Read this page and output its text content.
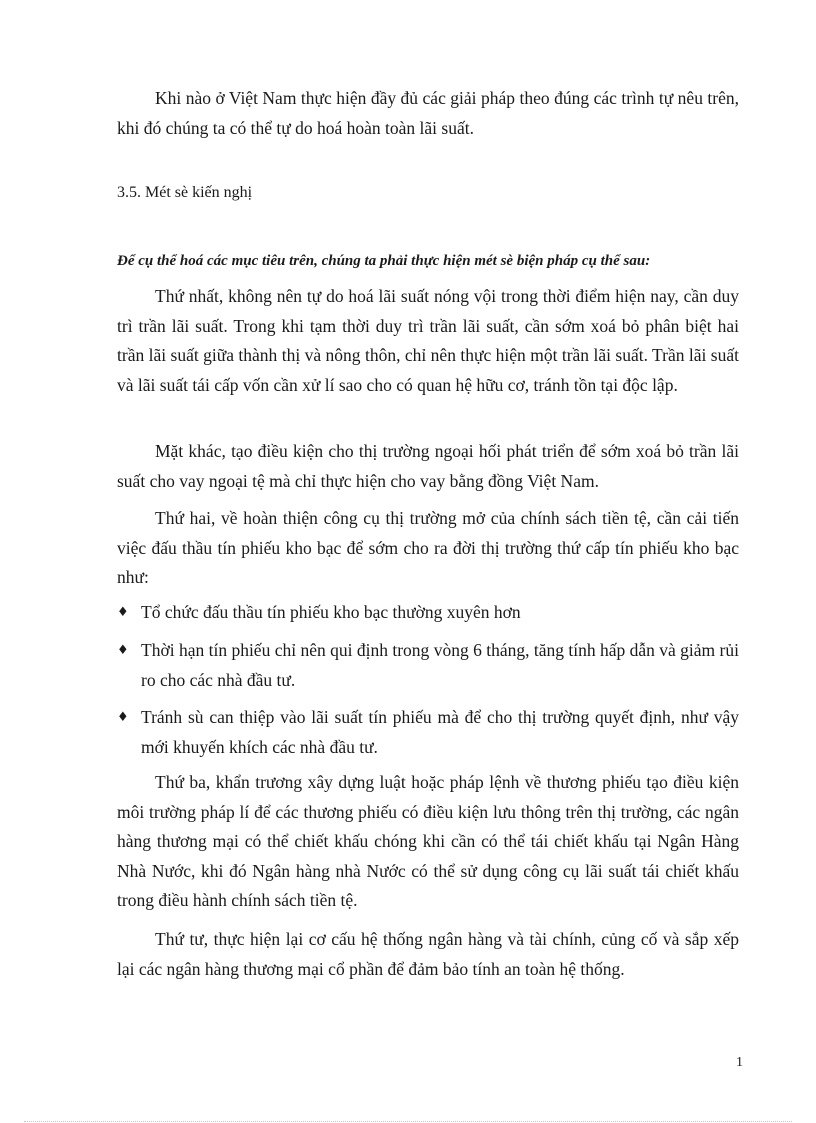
Khi nào ở Việt Nam thực hiện đầy đủ các giải pháp theo đúng các trình tự nêu trên, khi đó chúng ta có thể tự do hoá hoàn toàn lãi suất.

3.5. Mét sè kiến nghị

Để cụ thể hoá các mục tiêu trên, chúng ta phải thực hiện mét sè biện pháp cụ thể sau:

Thứ nhất, không nên tự do hoá lãi suất nóng vội trong thời điểm hiện nay, cần duy trì trần lãi suất. Trong khi tạm thời duy trì trần lãi suất, cần sớm xoá bỏ phân biệt hai trần lãi suất giữa thành thị và nông thôn, chỉ nên thực hiện một trần lãi suất. Trần lãi suất và lãi suất tái cấp vốn cần xử lí sao cho có quan hệ hữu cơ, tránh tồn tại độc lập.

Mặt khác, tạo điều kiện cho thị trường ngoại hối phát triển để sớm xoá bỏ trần lãi suất cho vay ngoại tệ mà chỉ thực hiện cho vay bằng đồng Việt Nam.

Thứ hai, về hoàn thiện công cụ thị trường mở của chính sách tiền tệ, cần cải tiến việc đấu thầu tín phiếu kho bạc để sớm cho ra đời thị trường thứ cấp tín phiếu kho bạc như:

♦ Tổ chức đấu thầu tín phiếu kho bạc thường xuyên hơn
♦ Thời hạn tín phiếu chỉ nên qui định trong vòng 6 tháng, tăng tính hấp dẫn và giảm rủi ro cho các nhà đầu tư.
♦ Tránh sù can thiệp vào lãi suất tín phiếu mà để cho thị trường quyết định, như vậy mới khuyến khích các nhà đầu tư.

Thứ ba, khẩn trương xây dựng luật hoặc pháp lệnh về thương phiếu tạo điều kiện môi trường pháp lí để các thương phiếu có điều kiện lưu thông trên thị trường, các ngân hàng thương mại có thể chiết khấu chóng khi cần có thể tái chiết khấu tại Ngân Hàng Nhà Nước, khi đó Ngân hàng nhà Nước có thể sử dụng công cụ lãi suất tái chiết khấu trong điều hành chính sách tiền tệ.

Thứ tư, thực hiện lại cơ cấu hệ thống ngân hàng và tài chính, củng cố và sắp xếp lại các ngân hàng thương mại cổ phần để đảm bảo tính an toàn hệ thống.

1
